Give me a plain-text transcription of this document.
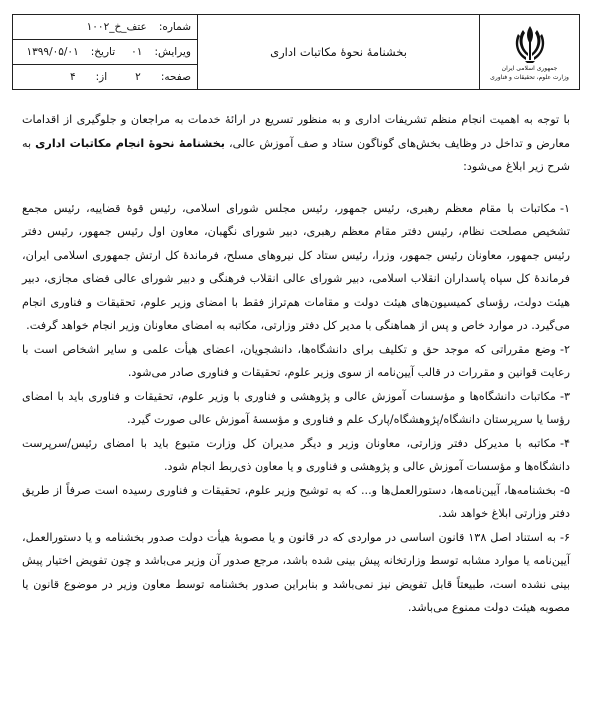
جمهوری اسلامی ایران
وزارت علوم، تحقیقات و فناوری
بخشنامهٔ نحوهٔ مکاتبات اداری
شماره:
عتف_خ_۱۰۰۲
ویرایش:
۰۱
تاریخ:
۱۳۹۹/۰۵/۰۱
صفحه:
۲
از:
۴

با توجه به اهمیت انجام منظم تشریفات اداری و به منظور تسریع در ارائهٔ خدمات به مراجعان و جلوگیری از اقدامات معارض و تداخل در وظایف بخش‌های گوناگون ستاد و صف آموزش عالی، بخشنامهٔ نحوهٔ انجام مکاتبات اداری به شرح زیر ابلاغ می‌شود:

۱-مکاتبات با مقام معظم رهبری، رئیس جمهور، رئیس مجلس شورای اسلامی، رئیس قوهٔ قضاییه، رئیس مجمع تشخیص مصلحت نظام، رئیس دفتر مقام معظم رهبری، دبیر شورای نگهبان، معاون اول رئیس جمهور، رئیس دفتر رئیس جمهور، معاونان رئیس جمهور، وزرا، رئیس ستاد کل نیروهای مسلح، فرماندهٔ کل ارتش جمهوری اسلامی ایران، فرماندهٔ کل سپاه پاسداران انقلاب اسلامی، دبیر شورای عالی انقلاب فرهنگی و دبیر شورای عالی فضای مجازی، دبیر هیئت دولت، رؤسای کمیسیون‌های هیئت دولت و مقامات هم‌تراز فقط با امضای وزیر علوم، تحقیقات و فناوری انجام می‌گیرد. در موارد خاص و پس از هماهنگی با مدیر کل دفتر وزارتی، مکاتبه به امضای معاونان وزیر انجام خواهد گرفت.

۲-وضع مقرراتی که موجد حق و تکلیف برای دانشگاه‌ها، دانشجویان، اعضای هیأت علمی و سایر اشخاص است با رعایت قوانین و مقررات در قالب آیین‌نامه از سوی وزیر علوم، تحقیقات و فناوری صادر می‌شود.

۳-مکاتبات دانشگاه‌ها و مؤسسات آموزش عالی و پژوهشی و فناوری با وزیر علوم، تحقیقات و فناوری باید با امضای رؤسا یا سرپرستان دانشگاه/پژوهشگاه/پارک علم و فناوری و مؤسسهٔ آموزش عالی صورت گیرد.

۴-مکاتبه با مدیرکل دفتر وزارتی، معاونان وزیر و دیگر مدیران کل وزارت متبوع باید با امضای رئیس/سرپرست دانشگاه‌ها و مؤسسات آموزش عالی و پژوهشی و فناوری و یا معاون ذی‌ربط انجام شود.

۵-بخشنامه‌ها، آیین‌نامه‌ها، دستورالعمل‌ها و... که به توشیح وزیر علوم، تحقیقات و فناوری رسیده است صرفاً از طریق دفتر وزارتی ابلاغ خواهد شد.

۶-به استناد اصل ۱۳۸ قانون اساسی در مواردی که در قانون و یا مصوبهٔ هیأت دولت صدور بخشنامه و یا دستورالعمل، آیین‌نامه یا موارد مشابه توسط وزارتخانه پیش بینی شده باشد، مرجع صدور آن وزیر می‌باشد و چون تفویض اختیار پیش بینی نشده است، طبیعتاً قابل تفویض نیز نمی‌باشد و بنابراین صدور بخشنامه توسط معاون وزیر در موضوع قانون یا مصوبه هیئت دولت ممنوع می‌باشد.
